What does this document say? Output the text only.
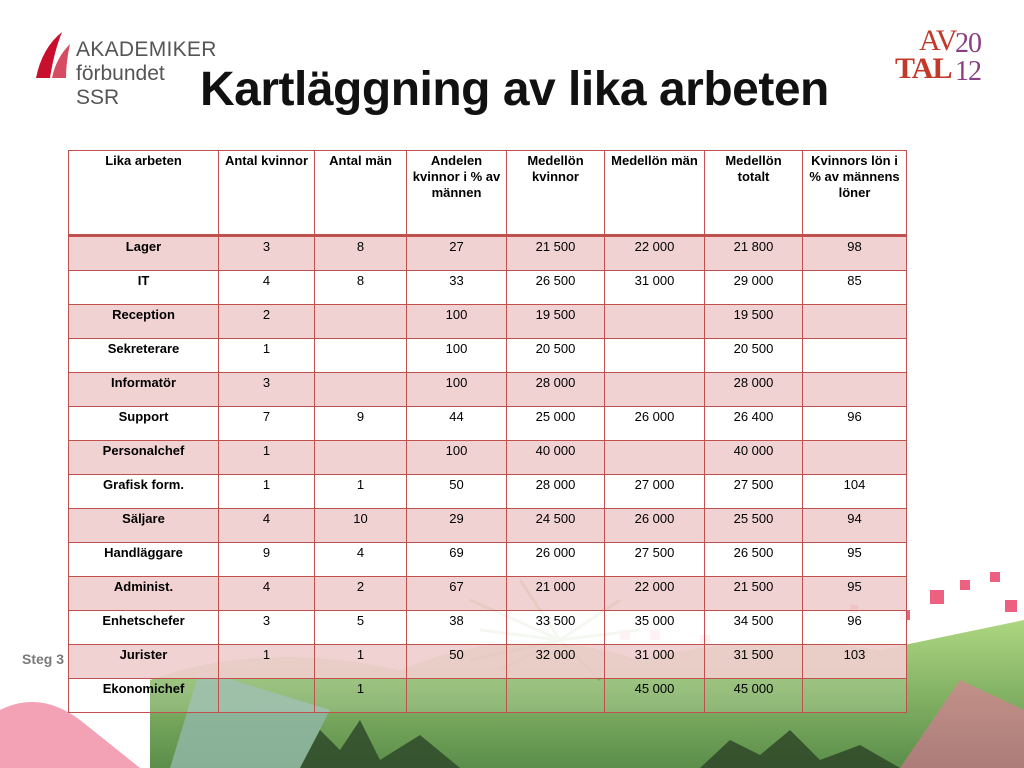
AKADEMIKER
förbundet SSR	Kartläggning av lika arbeten
AV
TAL
20
12
Steg 3
Lika arbeten	Antal kvinnor	Antal män	Andelen kvinnor i % av männen	Medellön kvinnor	Medellön män	Medellön totalt	Kvinnors lön i % av männens löner
Lager	3	8	27	21 500	22 000	21 800	98
IT	4	8	33	26 500	31 000	29 000	85
Reception	2		100	19 500		19 500	
Sekreterare	1		100	20 500		20 500	
Informatör	3		100	28 000		28 000	
Support	7	9	44	25 000	26 000	26 400	96
Personalchef	1		100	40 000		40 000	
Grafisk form.	1	1	50	28 000	27 000	27 500	104
Säljare	4	10	29	24 500	26 000	25 500	94
Handläggare	9	4	69	26 000	27 500	26 500	95
Administ.	4	2	67	21 000	22 000	21 500	95
Enhetschefer	3	5	38	33 500	35 000	34 500	96
Jurister	1	1	50	32 000	31 000	31 500	103
Ekonomichef		1			45 000	45 000	
